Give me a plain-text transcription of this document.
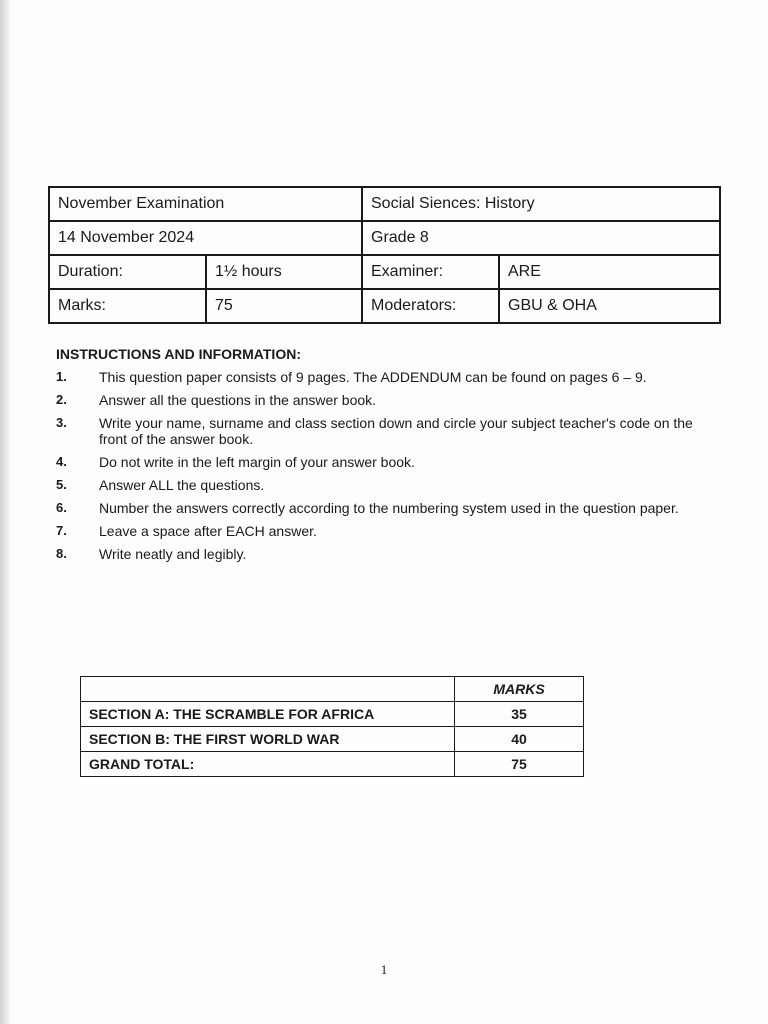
November Examination		Social Siences: History	
14 November 2024		Grade 8	
Duration:	1½ hours	Examiner:	ARE
Marks:	75	Moderators:	GBU & OHA
INSTRUCTIONS AND INFORMATION:
1.	This question paper consists of 9 pages. The ADDENDUM can be found on pages 6 – 9.
2.	Answer all the questions in the answer book.
3.	Write your name, surname and class section down and circle your subject teacher's code on the front of the answer book.
4.	Do not write in the left margin of your answer book.
5.	Answer ALL the questions.
6.	Number the answers correctly according to the numbering system used in the question paper.
7.	Leave a space after EACH answer.
8.	Write neatly and legibly.
	MARKS
SECTION A: THE SCRAMBLE FOR AFRICA	35
SECTION B: THE FIRST WORLD WAR	40
GRAND TOTAL:	75
1
